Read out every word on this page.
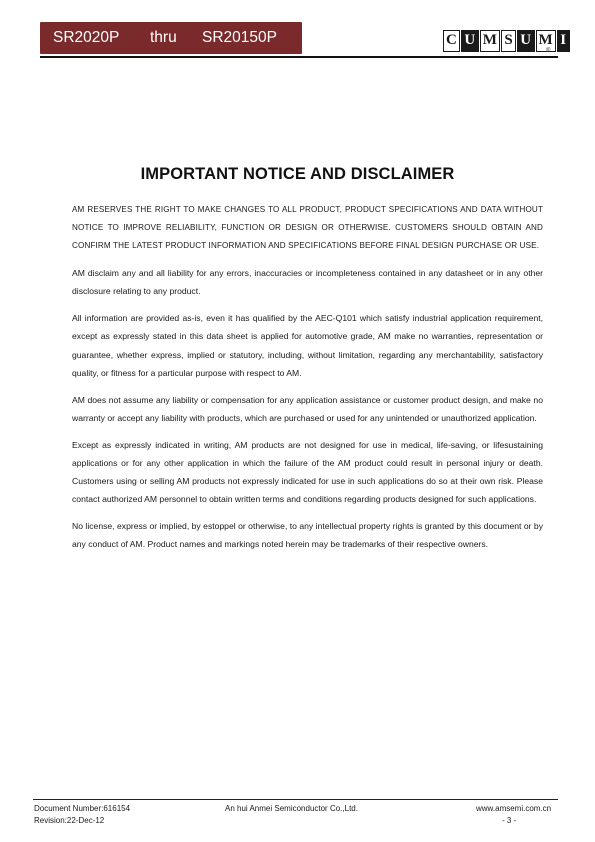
SR2020P thru SR20150P	C U M S U M I
®
IMPORTANT NOTICE AND DISCLAIMER

AM RESERVES THE RIGHT TO MAKE CHANGES TO ALL PRODUCT, PRODUCT SPECIFICATIONS AND DATA WITHOUT NOTICE TO IMPROVE RELIABILITY, FUNCTION OR DESIGN OR OTHERWISE. CUSTOMERS SHOULD OBTAIN AND CONFIRM THE LATEST PRODUCT INFORMATION AND SPECIFICATIONS BEFORE FINAL DESIGN PURCHASE OR USE.

AM disclaim any and all liability for any errors, inaccuracies or incompleteness contained in any datasheet or in any other disclosure relating to any product.

All information are provided as-is, even it has qualified by the AEC-Q101 which satisfy industrial application requirement, except as expressly stated in this data sheet is applied for automotive grade, AM make no warranties, representation or guarantee, whether express, implied or statutory, including, without limitation, regarding any merchantability, satisfactory quality, or fitness for a particular purpose with respect to AM.

AM does not assume any liability or compensation for any application assistance or customer product design, and make no warranty or accept any liability with products, which are purchased or used for any unintended or unauthorized application.

Except as expressly indicated in writing, AM products are not designed for use in medical, life-saving, or lifesustaining applications or for any other application in which the failure of the AM product could result in personal injury or death. Customers using or selling AM products not expressly indicated for use in such applications do so at their own risk. Please contact authorized AM personnel to obtain written terms and conditions regarding products designed for such applications.

No license, express or implied, by estoppel or otherwise, to any intellectual property rights is granted by this document or by any conduct of AM. Product names and markings noted herein may be trademarks of their respective owners.

Document Number:616154
Revision:22-Dec-12
An hui Anmei Semiconductor Co.,Ltd.	www.amsemi.com.cn
- 3 -
